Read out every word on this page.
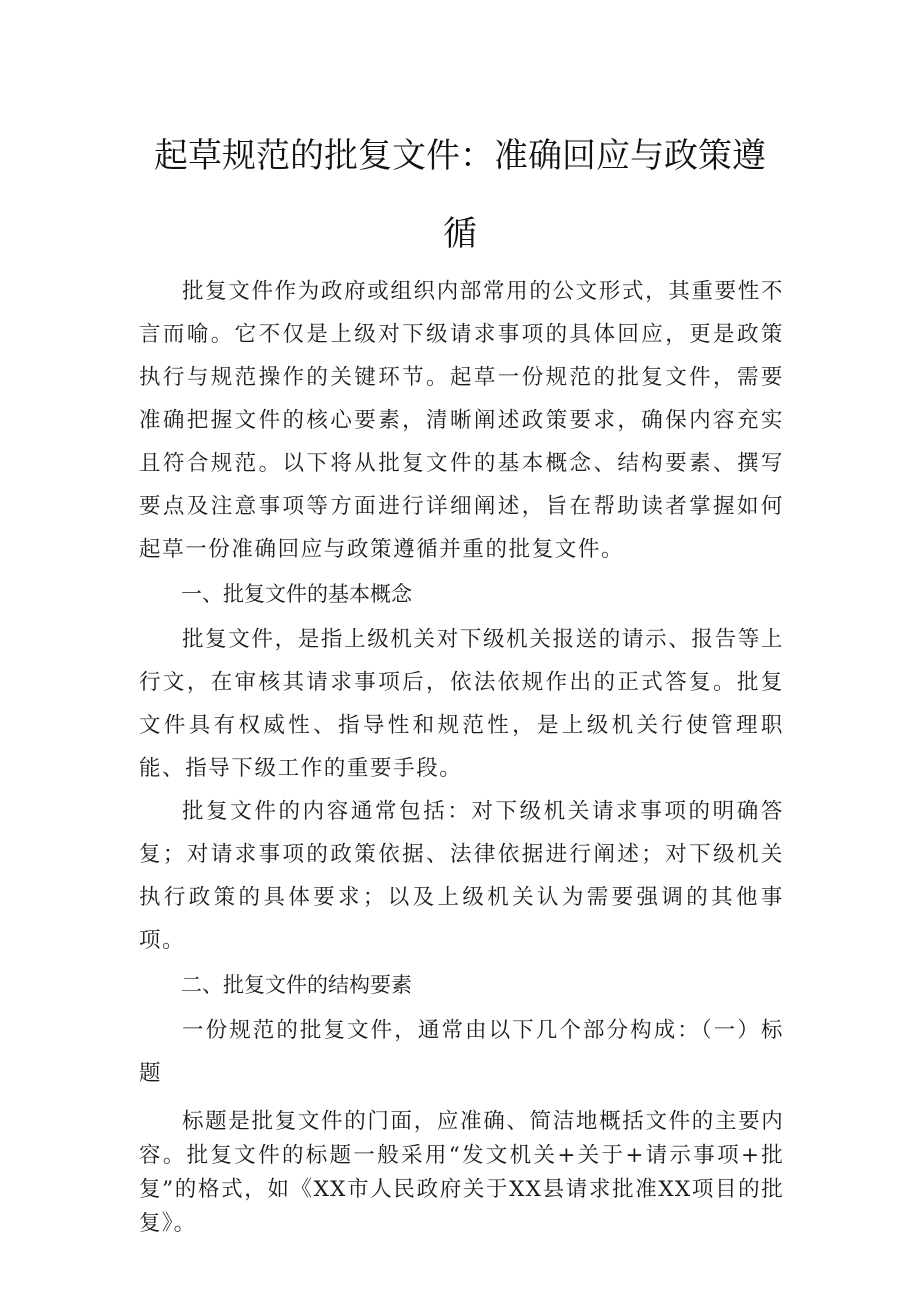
起草规范的批复文件：准确回应与政策遵
循

批复文件作为政府或组织内部常用的公文形式，其重要性不言而喻。它不仅是上级对下级请求事项的具体回应，更是政策执行与规范操作的关键环节。起草一份规范的批复文件，需要准确把握文件的核心要素，清晰阐述政策要求，确保内容充实且符合规范。以下将从批复文件的基本概念、结构要素、撰写要点及注意事项等方面进行详细阐述，旨在帮助读者掌握如何起草一份准确回应与政策遵循并重的批复文件。

一、批复文件的基本概念

批复文件，是指上级机关对下级机关报送的请示、报告等上行文，在审核其请求事项后，依法依规作出的正式答复。批复文件具有权威性、指导性和规范性，是上级机关行使管理职能、指导下级工作的重要手段。

批复文件的内容通常包括：对下级机关请求事项的明确答复；对请求事项的政策依据、法律依据进行阐述；对下级机关执行政策的具体要求；以及上级机关认为需要强调的其他事项。

二、批复文件的结构要素

一份规范的批复文件，通常由以下几个部分构成：（一）标题

标题是批复文件的门面，应准确、简洁地概括文件的主要内容。批复文件的标题一般采用“发文机关+关于+请示事项+批复”的格式，如《XX市人民政府关于XX县请求批准XX项目的批复》。
